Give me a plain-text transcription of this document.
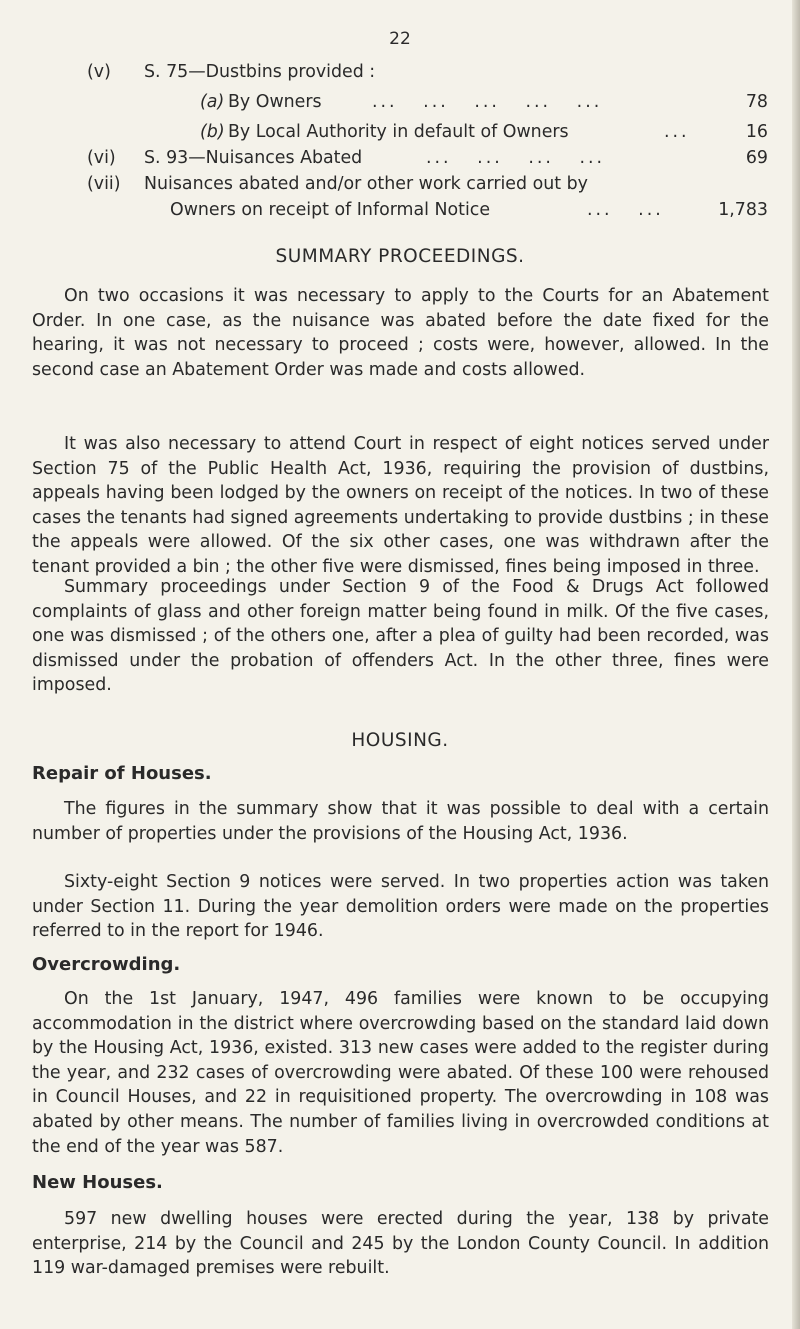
22
(v) S. 75—Dustbins provided :
(a) By Owners	...   ...   ...   ...   ...	78
(b) By Local Authority in default of Owners	...	16
(vi) S. 93—Nuisances Abated	...   ...   ...   ...	69
(vii) Nuisances abated and/or other work carried out by
Owners on receipt of Informal Notice	...   ...	1,783
SUMMARY PROCEEDINGS.

On two occasions it was necessary to apply to the Courts for an Abatement Order. In one case, as the nuisance was abated before the date fixed for the hearing, it was not necessary to proceed ; costs were, however, allowed. In the second case an Abatement Order was made and costs allowed.

It was also necessary to attend Court in respect of eight notices served under Section 75 of the Public Health Act, 1936, requiring the provision of dustbins, appeals having been lodged by the owners on receipt of the notices. In two of these cases the tenants had signed agreements undertaking to provide dustbins ; in these the appeals were allowed. Of the six other cases, one was withdrawn after the tenant provided a bin ; the other five were dismissed, fines being imposed in three.

Summary proceedings under Section 9 of the Food & Drugs Act followed complaints of glass and other foreign matter being found in milk. Of the five cases, one was dismissed ; of the others one, after a plea of guilty had been recorded, was dismissed under the probation of offenders Act. In the other three, fines were imposed.

HOUSING.
Repair of Houses.

The figures in the summary show that it was possible to deal with a certain number of properties under the provisions of the Housing Act, 1936.

Sixty-eight Section 9 notices were served. In two properties action was taken under Section 11. During the year demolition orders were made on the properties referred to in the report for 1946.

Overcrowding.

On the 1st January, 1947, 496 families were known to be occupying accommodation in the district where overcrowding based on the standard laid down by the Housing Act, 1936, existed. 313 new cases were added to the register during the year, and 232 cases of overcrowding were abated. Of these 100 were rehoused in Council Houses, and 22 in requisitioned property. The overcrowding in 108 was abated by other means. The number of families living in overcrowded conditions at the end of the year was 587.

New Houses.

597 new dwelling houses were erected during the year, 138 by private enterprise, 214 by the Council and 245 by the London County Council. In addition 119 war-damaged premises were rebuilt.
